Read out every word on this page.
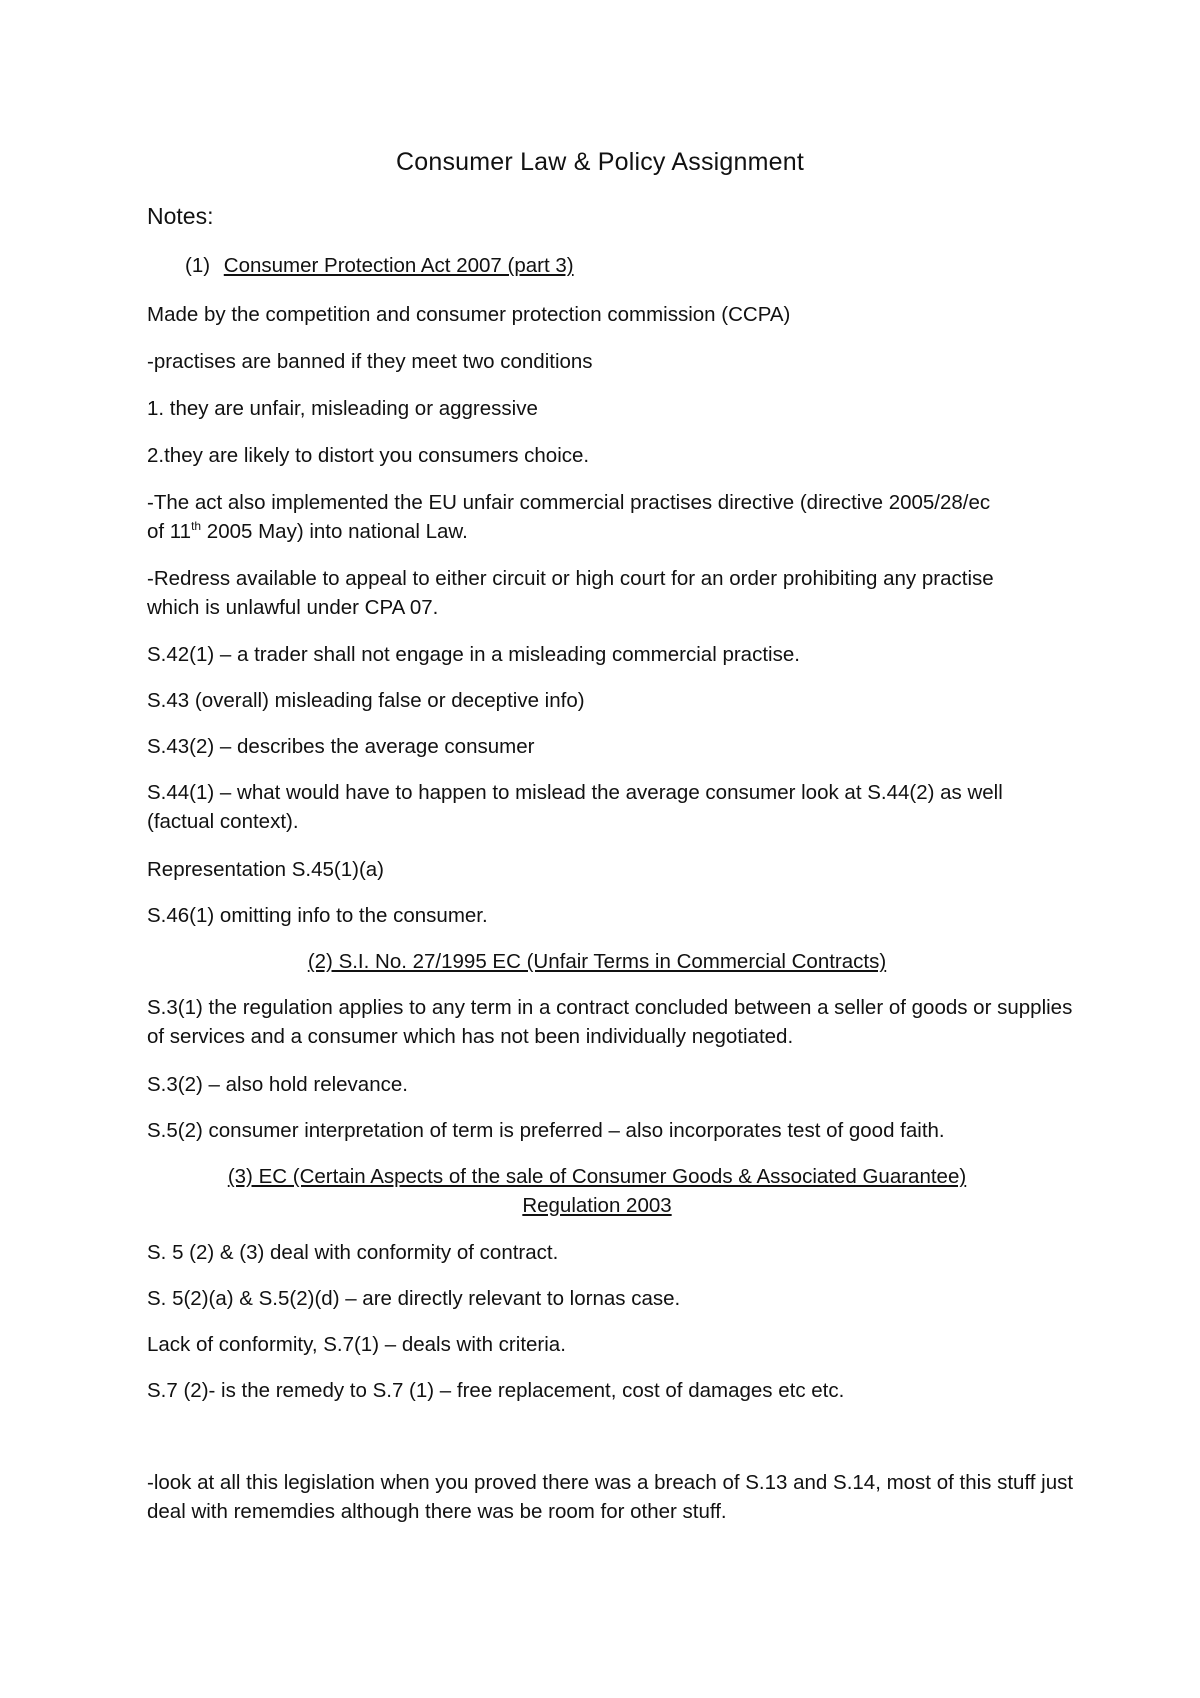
Consumer Law & Policy Assignment
Notes:
(1) Consumer Protection Act 2007 (part 3)
Made by the competition and consumer protection commission (CCPA)
-practises are banned if they meet two conditions
1. they are unfair, misleading or aggressive
2.they are likely to distort you consumers choice.
-The act also implemented the EU unfair commercial practises directive (directive 2005/28/ec of 11th 2005 May) into national Law.
-Redress available to appeal to either circuit or high court for an order prohibiting any practise which is unlawful under CPA 07.
S.42(1) – a trader shall not engage in a misleading commercial practise.
S.43 (overall) misleading false or deceptive info)
S.43(2) – describes the average consumer
S.44(1) – what would have to happen to mislead the average consumer look at S.44(2) as well (factual context).
Representation S.45(1)(a)
S.46(1) omitting info to the consumer.
(2) S.I. No. 27/1995 EC (Unfair Terms in Commercial Contracts)
S.3(1) the regulation applies to any term in a contract concluded between a seller of goods or supplies of services and a consumer which has not been individually negotiated.
S.3(2) – also hold relevance.
S.5(2) consumer interpretation of term is preferred – also incorporates test of good faith.
(3) EC (Certain Aspects of the sale of Consumer Goods & Associated Guarantee)
Regulation 2003
S. 5 (2) & (3) deal with conformity of contract.
S. 5(2)(a) & S.5(2)(d) – are directly relevant to lornas case.
Lack of conformity, S.7(1) – deals with criteria.
S.7 (2)- is the remedy to S.7 (1) – free replacement, cost of damages etc etc.
-look at all this legislation when you proved there was a breach of S.13 and S.14, most of this stuff just deal with rememdies although there was be room for other stuff.
